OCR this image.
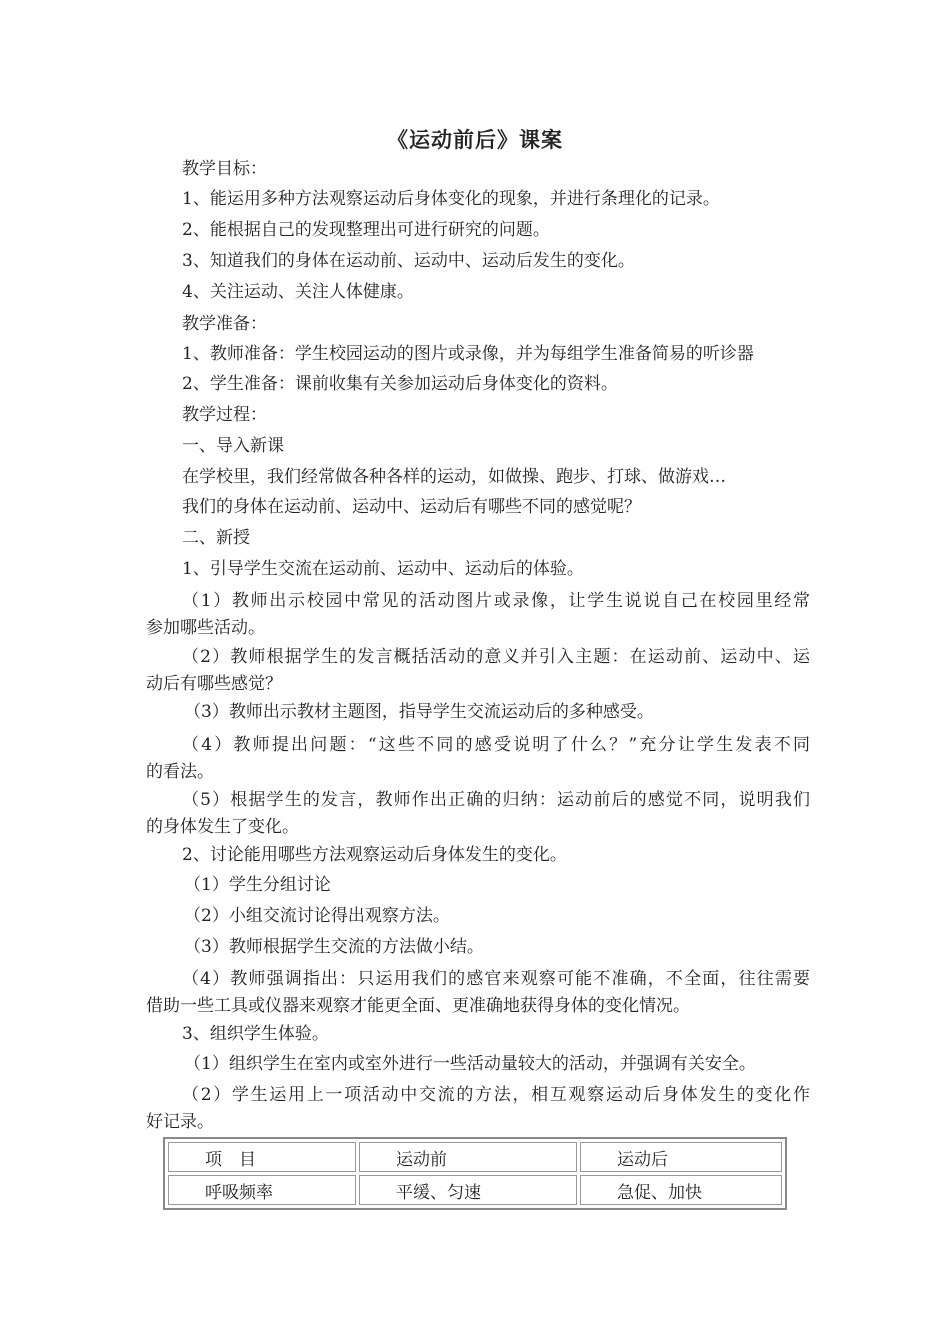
《运动前后》课案
教学目标：
1、能运用多种方法观察运动后身体变化的现象，并进行条理化的记录。
2、能根据自己的发现整理出可进行研究的问题。
3、知道我们的身体在运动前、运动中、运动后发生的变化。
4、关注运动、关注人体健康。
教学准备：
1、教师准备：学生校园运动的图片或录像，并为每组学生准备简易的听诊器
2、学生准备：课前收集有关参加运动后身体变化的资料。
教学过程：
一、导入新课
在学校里，我们经常做各种各样的运动，如做操、跑步、打球、做游戏…
我们的身体在运动前、运动中、运动后有哪些不同的感觉呢？
二、新授
1、引导学生交流在运动前、运动中、运动后的体验。
（1）教师出示校园中常见的活动图片或录像，让学生说说自己在校园里经常
参加哪些活动。
（2）教师根据学生的发言概括活动的意义并引入主题：在运动前、运动中、运
动后有哪些感觉？
（3）教师出示教材主题图，指导学生交流运动后的多种感受。
（4）教师提出问题：“这些不同的感受说明了什么？”充分让学生发表不同
的看法。
（5）根据学生的发言，教师作出正确的归纳：运动前后的感觉不同，说明我们
的身体发生了变化。
2、讨论能用哪些方法观察运动后身体发生的变化。
（1）学生分组讨论
（2）小组交流讨论得出观察方法。
（3）教师根据学生交流的方法做小结。
（4）教师强调指出：只运用我们的感官来观察可能不准确，不全面，往往需要
借助一些工具或仪器来观察才能更全面、更准确地获得身体的变化情况。
3、组织学生体验。
（1）组织学生在室内或室外进行一些活动量较大的活动，并强调有关安全。
（2）学生运用上一项活动中交流的方法，相互观察运动后身体发生的变化作
好记录。
项　目	运动前	运动后
呼吸频率	平缓、匀速	急促、加快
